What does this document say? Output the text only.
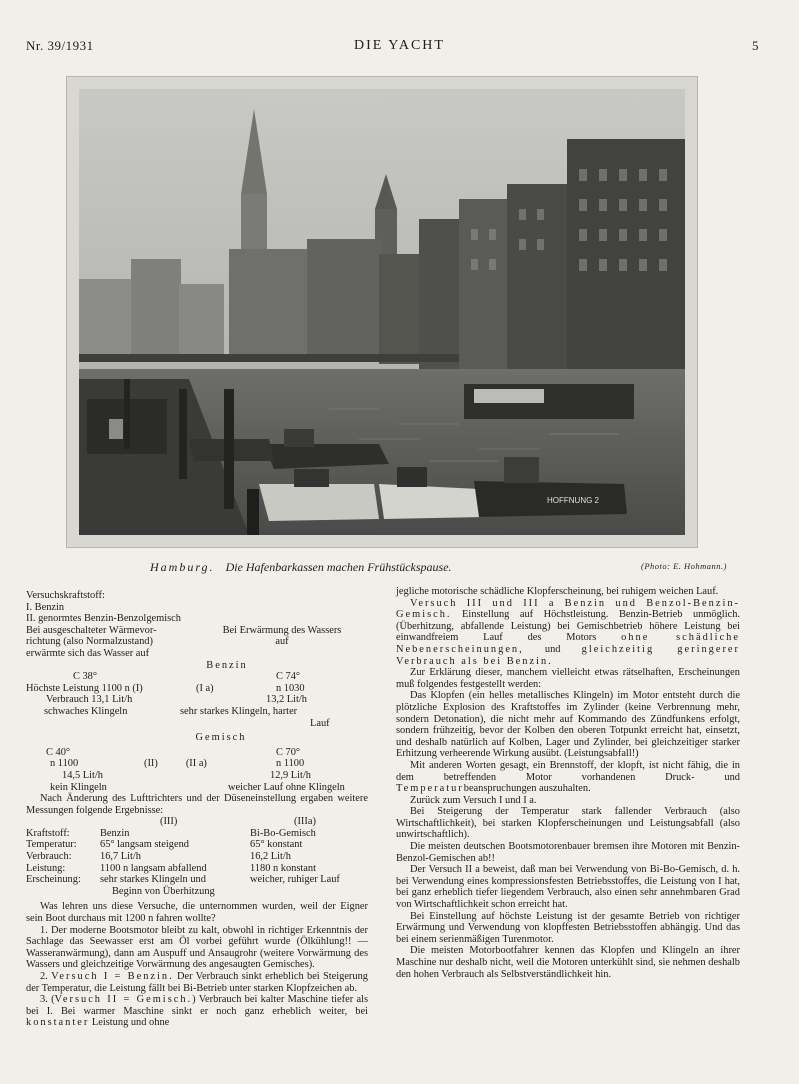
Nr. 39/1931	DIE YACHT	5
HOFFNUNG 2
Hamburg. Die Hafenbarkassen machen Frühstückspause.	(Photo: E. Hohmann.)

Versuchskraftstoff:

I. Benzin

II. genormtes Benzin-Benzolgemisch

Bei ausgeschalteter Wärmevor-
richtung (also Normalzustand)
erwärmte sich das Wasser auf
Bei Erwärmung des Wassers
auf

Benzin

C 38°	C 74°
Höchste Leistung 1100 n (I)	(I a)	n 1030
Verbrauch 13,1 Lit/h	13,2 Lit/h
schwaches Klingeln	sehr starkes Klingeln, harter
Lauf

Gemisch

C 40°	C 70°
n 1100	(II)	(II a)	n 1100
14,5 Lit/h	12,9 Lit/h
kein Klingeln	weicher Lauf ohne Klingeln

Nach Änderung des Lufttrichters und der Düseneinstellung ergaben weitere Messungen folgende Ergebnisse:

(III)	(IIIa)
Kraftstoff:	Benzin	Bi-Bo-Gemisch
Temperatur:	65° langsam steigend	65° konstant
Verbrauch:	16,7 Lit/h	16,2 Lit/h
Leistung:	1100 n langsam abfallend	1180 n konstant
Erscheinung:	sehr starkes Klingeln und	weicher, ruhiger Lauf
Beginn von Überhitzung

Was lehren uns diese Versuche, die unternommen wurden, weil der Eigner sein Boot durchaus mit 1200 n fahren wollte?

1. Der moderne Bootsmotor bleibt zu kalt, obwohl in richtiger Erkenntnis der Sachlage das Seewasser erst am Öl vorbei geführt wurde (Ölkühlung!! — Wasseranwärmung), dann am Auspuff und Ansaugrohr (weitere Vorwärmung des Wassers und gleichzeitige Vorwärmung des angesaugten Gemisches).

2. Versuch I = Benzin. Der Verbrauch sinkt erheblich bei Steigerung der Temperatur, die Leistung fällt bei Bi-Betrieb unter starken Klopfzeichen ab.

3. (Versuch II = Gemisch.) Verbrauch bei kalter Maschine tiefer als bei I. Bei warmer Maschine sinkt er noch ganz erheblich weiter, bei konstanter Leistung und ohne

jegliche motorische schädliche Klopferscheinung, bei ruhigem weichen Lauf.

Versuch III und III a Benzin und Benzol-Benzin-Gemisch. Einstellung auf Höchstleistung. Benzin-Betrieb unmöglich. (Überhitzung, abfallende Leistung) bei Gemischbetrieb höhere Leistung bei einwandfreiem Lauf des Motors ohne schädliche Nebenerscheinungen, und gleichzeitig geringerer Verbrauch als bei Benzin.

Zur Erklärung dieser, manchem vielleicht etwas rätselhaften, Erscheinungen muß folgendes festgestellt werden:

Das Klopfen (ein helles metallisches Klingeln) im Motor entsteht durch die plötzliche Explosion des Kraftstoffes im Zylinder (keine Verbrennung mehr, sondern Detonation), die nicht mehr auf Kommando des Zündfunkens erfolgt, sondern frühzeitig, bevor der Kolben den oberen Totpunkt erreicht hat, einsetzt, und deshalb natürlich auf Kolben, Lager und Zylinder, bei gleichzeitiger starker Erhitzung verheerende Wirkung ausübt. (Leistungsabfall!)

Mit anderen Worten gesagt, ein Brennstoff, der klopft, ist nicht fähig, die in dem betreffenden Motor vorhandenen Druck- und Temperaturbeanspruchungen auszuhalten.

Zurück zum Versuch I und I a.

Bei Steigerung der Temperatur stark fallender Verbrauch (also Wirtschaftlichkeit), bei starken Klopferscheinungen und Leistungsabfall (also unwirtschaftlich).

Die meisten deutschen Bootsmotorenbauer bremsen ihre Motoren mit Benzin-Benzol-Gemischen ab!!

Der Versuch II a beweist, daß man bei Verwendung von Bi-Bo-Gemisch, d. h. bei Verwendung eines kompressionsfesten Betriebsstoffes, die Leistung von I hat, bei ganz erheblich tiefer liegendem Verbrauch, also einen sehr annehmbaren Grad von Wirtschaftlichkeit schon erreicht hat.

Bei Einstellung auf höchste Leistung ist der gesamte Betrieb von richtiger Erwärmung und Verwendung von klopffesten Betriebsstoffen abhängig. Und das bei einem serienmäßigen Turenmotor.

Die meisten Motorbootfahrer kennen das Klopfen und Klingeln an ihrer Maschine nur deshalb nicht, weil die Motoren unterkühlt sind, sie nehmen deshalb den hohen Verbrauch als Selbstverständlichkeit hin.
